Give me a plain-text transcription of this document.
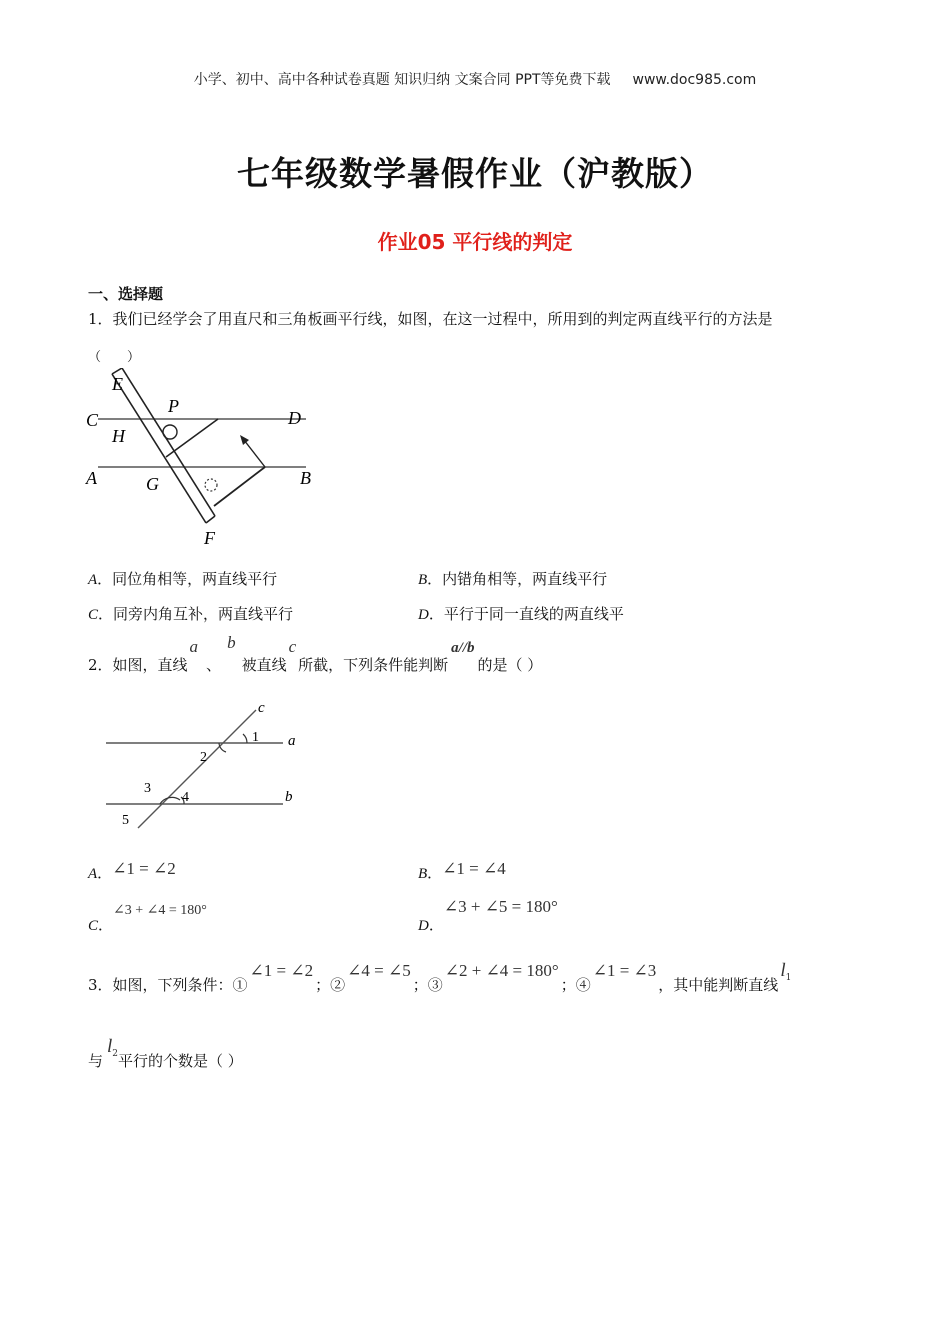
小学、初中、高中各种试卷真题 知识归纳 文案合同 PPT等免费下载 www.doc985.com
七年级数学暑假作业（沪教版）
作业05 平行线的判定
一、选择题
1．我们已经学会了用直尺和三角板画平行线，如图，在这一过程中，所用到的判定两直线平行的方法是
（　　）
E
P
C	D
H
A	G	B
F
A．同位角相等，两直线平行	B．内错角相等，两直线平行
C．同旁内角互补，两直线平行	D．平行于同一直线的两直线平
2．如图，直线a、b被直线c所截，下列条件能判断a//b的是（ ）
c
a
b
1
2
3
4
5
A．∠1 = ∠2	B．∠1 = ∠4
C．∠3 + ∠4 = 180°
D．∠3 + ∠5 = 180°
3．如图，下列条件：①∠1 = ∠2；②∠4 = ∠5；③∠2 + ∠4 = 180°；④∠1 = ∠3，其中能判断直线$l_1$
与$l_2$平行的个数是（ ）
